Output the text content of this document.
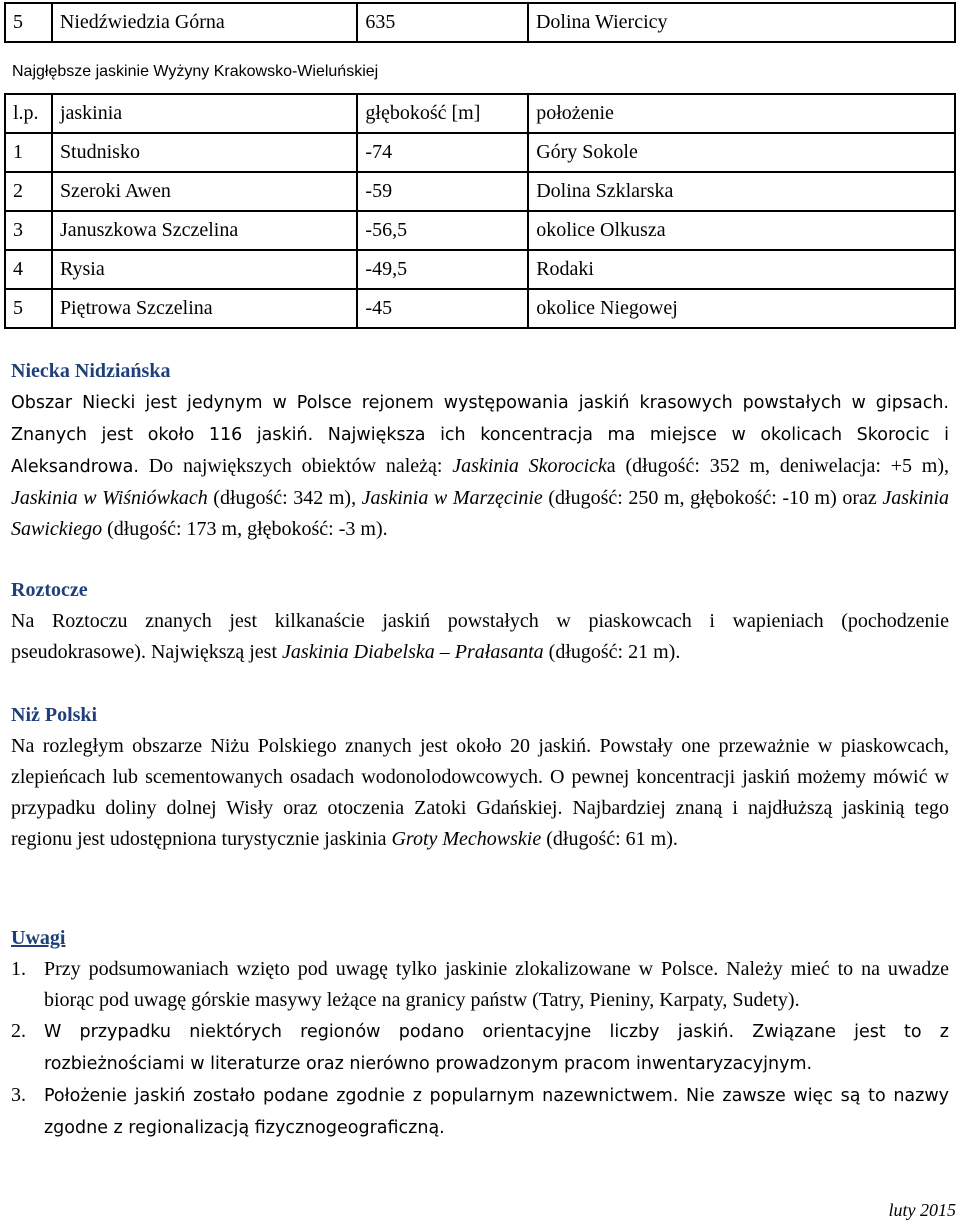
5	Niedźwiedzia Górna	635	Dolina Wiercicy
Najgłębsze jaskinie Wyżyny Krakowsko-Wieluńskiej
l.p.	jaskinia	głębokość [m]	położenie
1	Studnisko	-74	Góry Sokole
2	Szeroki Awen	-59	Dolina Szklarska
3	Januszkowa Szczelina	-56,5	okolice Olkusza
4	Rysia	-49,5	Rodaki
5	Piętrowa Szczelina	-45	okolice Niegowej
Niecka Nidziańska

Obszar Niecki jest jedynym w Polsce rejonem występowania jaskiń krasowych powstałych w gipsach. Znanych jest około 116 jaskiń. Największa ich koncentracja ma miejsce w okolicach Skorocic i Aleksandrowa. Do największych obiektów należą: Jaskinia Skorocicka (długość: 352 m, deniwelacja: +5 m), Jaskinia w Wiśniówkach (długość: 342 m), Jaskinia w Marzęcinie (długość: 250 m, głębokość: -10 m) oraz Jaskinia Sawickiego (długość: 173 m, głębokość: -3 m).

Roztocze

Na Roztoczu znanych jest kilkanaście jaskiń powstałych w piaskowcach i wapieniach (pochodzenie pseudokrasowe). Największą jest Jaskinia Diabelska – Prałasanta (długość: 21 m).

Niż Polski

Na rozległym obszarze Niżu Polskiego znanych jest około 20 jaskiń. Powstały one przeważnie w piaskowcach, zlepieńcach lub scementowanych osadach wodonolodowcowych. O pewnej koncentracji jaskiń możemy mówić w przypadku doliny dolnej Wisły oraz otoczenia Zatoki Gdańskiej. Najbardziej znaną i najdłuższą jaskinią tego regionu jest udostępniona turystycznie jaskinia Groty Mechowskie (długość: 61 m).

Uwagi
1. Przy podsumowaniach wzięto pod uwagę tylko jaskinie zlokalizowane w Polsce. Należy mieć to na uwadze biorąc pod uwagę górskie masywy leżące na granicy państw (Tatry, Pieniny, Karpaty, Sudety).
2. W przypadku niektórych regionów podano orientacyjne liczby jaskiń. Związane jest to z rozbieżnościami w literaturze oraz nierówno prowadzonym pracom inwentaryzacyjnym.
3. Położenie jaskiń zostało podane zgodnie z popularnym nazewnictwem. Nie zawsze więc są to nazwy zgodne z regionalizacją fizycznogeograficzną.
luty 2015
